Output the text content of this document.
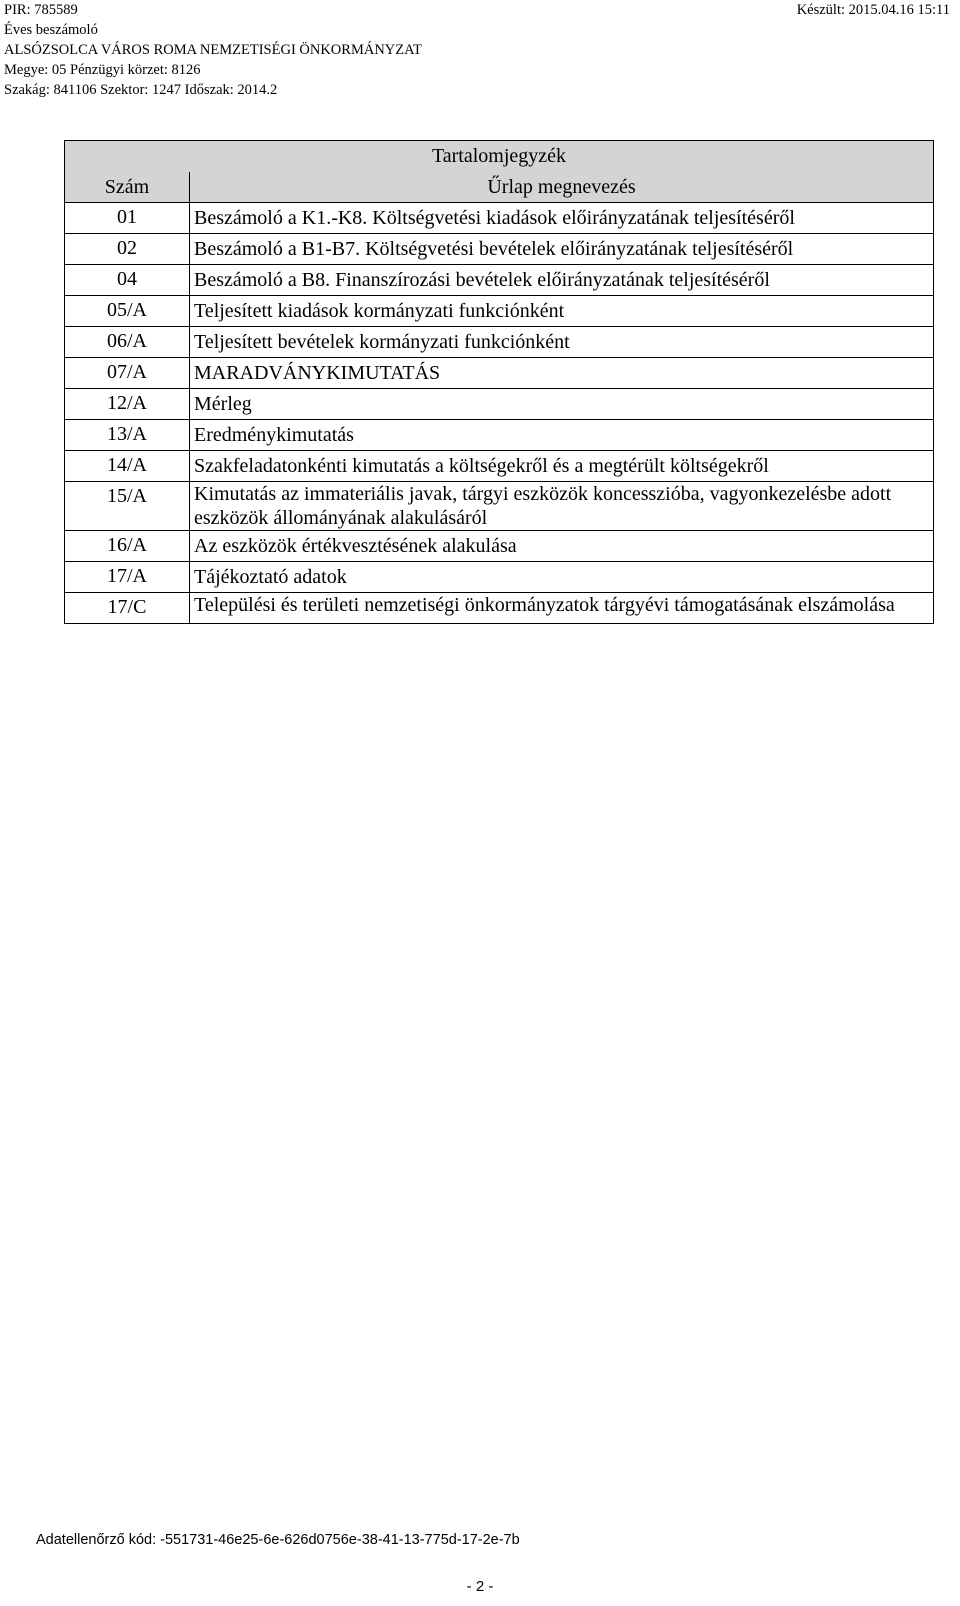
PIR: 785589
Éves beszámoló
ALSÓZSOLCA VÁROS ROMA NEMZETISÉGI ÖNKORMÁNYZAT
Megye: 05 Pénzügyi körzet: 8126
Szakág: 841106 Szektor: 1247 Időszak: 2014.2
Készült: 2015.04.16 15:11
Tartalomjegyzék	
Szám	Űrlap megnevezés
01	Beszámoló a K1.-K8. Költségvetési kiadások előirányzatának teljesítéséről
02	Beszámoló a B1-B7. Költségvetési bevételek előirányzatának teljesítéséről
04	Beszámoló a B8. Finanszírozási bevételek előirányzatának teljesítéséről
05/A	Teljesített kiadások kormányzati funkciónként
06/A	Teljesített bevételek kormányzati funkciónként
07/A	MARADVÁNYKIMUTATÁS
12/A	Mérleg
13/A	Eredménykimutatás
14/A	Szakfeladatonkénti kimutatás a költségekről és a megtérült költségekről
15/A	Kimutatás az immateriális javak, tárgyi eszközök koncesszióba, vagyonkezelésbe adott eszközök állományának alakulásáról
16/A	Az eszközök értékvesztésének alakulása
17/A	Tájékoztató adatok
17/C	Települési és területi nemzetiségi önkormányzatok tárgyévi támogatásának elszámolása
Adatellenőrző kód: -551731-46e25-6e-626d0756e-38-41-13-775d-17-2e-7b
- 2 -
